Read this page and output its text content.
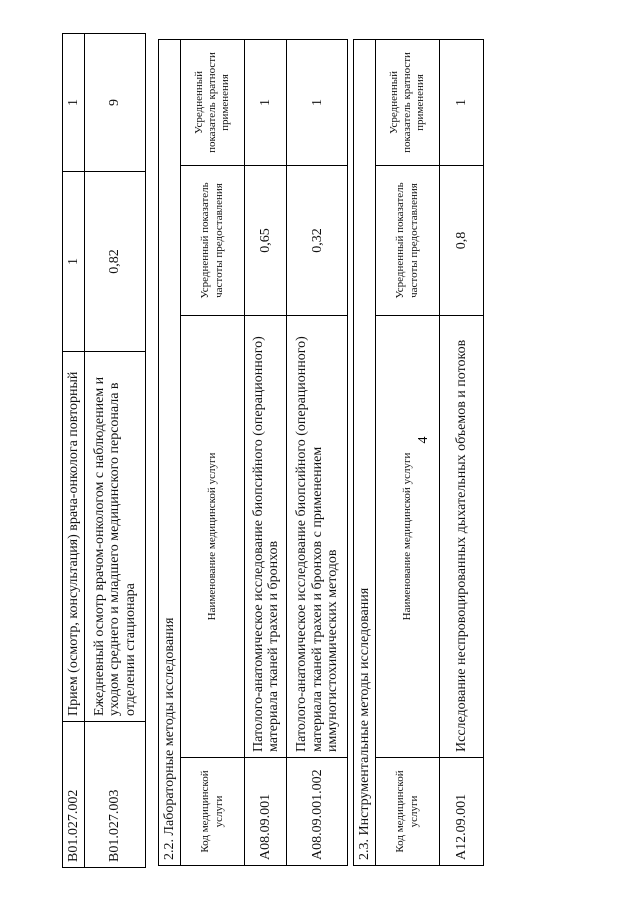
4
B01.027.002	Прием (осмотр, консультация) врача-онколога повторный	1	1
B01.027.003	Ежедневный осмотр врачом-онкологом с наблюдением и уходом среднего и младшего медицинского персонала в отделении стационара	0,82	9
2.2. Лабораторные методы исследования			
Код медицинской услуги	Наименование медицинской услуги	Усредненный показатель частоты предоставления	Усредненный показатель кратности применения
A08.09.001	Патолого-анатомическое исследование биопсийного (операционного) материала тканей трахеи и бронхов	0,65	1
A08.09.001.002	Патолого-анатомическое исследование биопсийного (операционного) материала тканей трахеи и бронхов с применением иммуногистохимических методов	0,32	1
2.3. Инструментальные методы исследования			
Код медицинской услуги	Наименование медицинской услуги	Усредненный показатель частоты предоставления	Усредненный показатель кратности применения
A12.09.001	Исследование неспровоцированных дыхательных объемов и потоков	0,8	1
